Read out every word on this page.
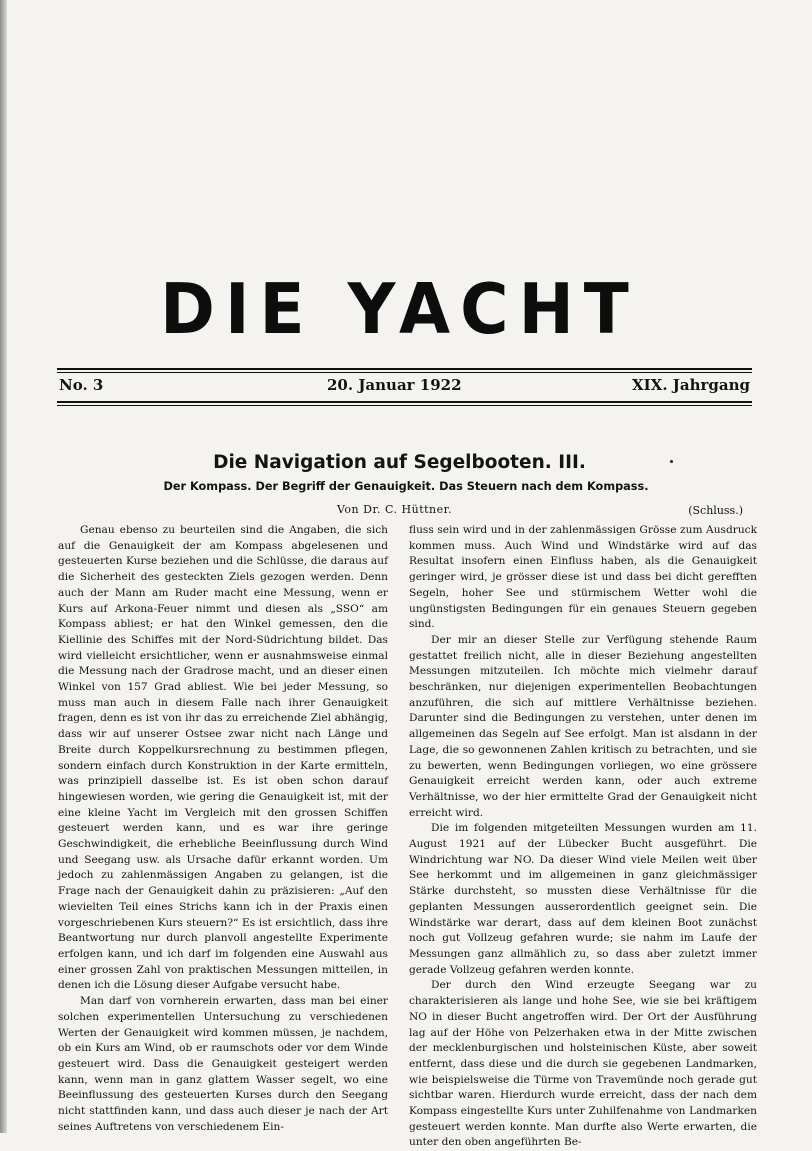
DIE YACHT
No. 3	20. Januar 1922	XIX. Jahrgang
Die Navigation auf Segelbooten. III.
Der Kompass. Der Begriff der Genauigkeit. Das Steuern nach dem Kompass.
Von Dr. C. Hüttner.	(Schluss.)

Genau ebenso zu beurteilen sind die Angaben, die sich auf die Genauigkeit der am Kompass abgelesenen und gesteuerten Kurse beziehen und die Schlüsse, die daraus auf die Sicherheit des gesteckten Ziels gezogen werden. Denn auch der Mann am Ruder macht eine Messung, wenn er Kurs auf Arkona-Feuer nimmt und diesen als „SSO“ am Kompass abliest; er hat den Winkel gemessen, den die Kiellinie des Schiffes mit der Nord-Südrichtung bildet. Das wird vielleicht ersichtlicher, wenn er ausnahmsweise einmal die Messung nach der Gradrose macht, und an dieser einen Winkel von 157 Grad abliest. Wie bei jeder Messung, so muss man auch in diesem Falle nach ihrer Genauigkeit fragen, denn es ist von ihr das zu erreichende Ziel abhängig, dass wir auf unserer Ostsee zwar nicht nach Länge und Breite durch Koppelkursrechnung zu bestimmen pflegen, sondern einfach durch Konstruktion in der Karte ermitteln, was prinzipiell dasselbe ist. Es ist oben schon darauf hingewiesen worden, wie gering die Genauigkeit ist, mit der eine kleine Yacht im Vergleich mit den grossen Schiffen gesteuert werden kann, und es war ihre geringe Geschwindigkeit, die erhebliche Beeinflussung durch Wind und Seegang usw. als Ursache dafür erkannt worden. Um jedoch zu zahlenmässigen Angaben zu gelangen, ist die Frage nach der Genauigkeit dahin zu präzisieren: „Auf den wievielten Teil eines Strichs kann ich in der Praxis einen vorgeschriebenen Kurs steuern?“ Es ist ersichtlich, dass ihre Beantwortung nur durch planvoll angestellte Experimente erfolgen kann, und ich darf im folgenden eine Auswahl aus einer grossen Zahl von praktischen Messungen mitteilen, in denen ich die Lösung dieser Aufgabe versucht habe.

Man darf von vornherein erwarten, dass man bei einer solchen experimentellen Untersuchung zu verschiedenen Werten der Genauigkeit wird kommen müssen, je nachdem, ob ein Kurs am Wind, ob er raumschots oder vor dem Winde gesteuert wird. Dass die Genauigkeit gesteigert werden kann, wenn man in ganz glattem Wasser segelt, wo eine Beeinflussung des gesteuerten Kurses durch den Seegang nicht stattfinden kann, und dass auch dieser je nach der Art seines Auftretens von verschiedenem Ein-

fluss sein wird und in der zahlenmässigen Grösse zum Ausdruck kommen muss. Auch Wind und Windstärke wird auf das Resultat insofern einen Einfluss haben, als die Genauigkeit geringer wird, je grösser diese ist und dass bei dicht gerefften Segeln, hoher See und stürmischem Wetter wohl die ungünstigsten Bedingungen für ein genaues Steuern gegeben sind.

Der mir an dieser Stelle zur Verfügung stehende Raum gestattet freilich nicht, alle in dieser Beziehung angestellten Messungen mitzuteilen. Ich möchte mich vielmehr darauf beschränken, nur diejenigen experimentellen Beobachtungen anzuführen, die sich auf mittlere Verhältnisse beziehen. Darunter sind die Bedingungen zu verstehen, unter denen im allgemeinen das Segeln auf See erfolgt. Man ist alsdann in der Lage, die so gewonnenen Zahlen kritisch zu betrachten, und sie zu bewerten, wenn Bedingungen vorliegen, wo eine grössere Genauigkeit erreicht werden kann, oder auch extreme Verhältnisse, wo der hier ermittelte Grad der Genauigkeit nicht erreicht wird.

Die im folgenden mitgeteilten Messungen wurden am 11. August 1921 auf der Lübecker Bucht ausgeführt. Die Windrichtung war NO. Da dieser Wind viele Meilen weit über See herkommt und im allgemeinen in ganz gleichmässiger Stärke durchsteht, so mussten diese Verhältnisse für die geplanten Messungen ausserordentlich geeignet sein. Die Windstärke war derart, dass auf dem kleinen Boot zunächst noch gut Vollzeug gefahren wurde; sie nahm im Laufe der Messungen ganz allmählich zu, so dass aber zuletzt immer gerade Vollzeug gefahren werden konnte.

Der durch den Wind erzeugte Seegang war zu charakterisieren als lange und hohe See, wie sie bei kräftigem NO in dieser Bucht angetroffen wird. Der Ort der Ausführung lag auf der Höhe von Pelzerhaken etwa in der Mitte zwischen der mecklenburgischen und holsteinischen Küste, aber soweit entfernt, dass diese und die durch sie gegebenen Landmarken, wie beispielsweise die Türme von Travemünde noch gerade gut sichtbar waren. Hierdurch wurde erreicht, dass der nach dem Kompass eingestellte Kurs unter Zuhilfenahme von Landmarken gesteuert werden konnte. Man durfte also Werte erwarten, die unter den oben angeführten Be-
